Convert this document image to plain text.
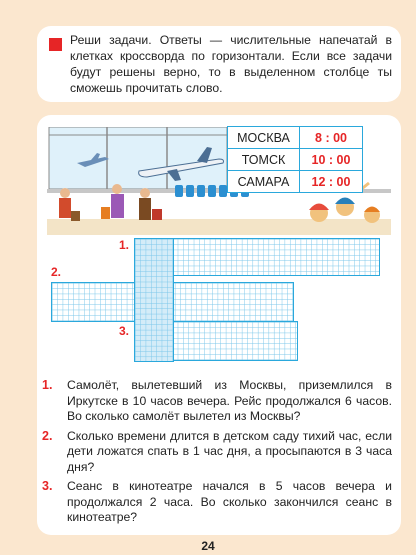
Реши задачи. Ответы — числительные напечатай в клетках кроссворда по горизонтали. Если все задачи будут решены верно, то в выделенном столбце ты сможешь прочитать слово.
МОСКВА	8 : 00
ТОМСК	10 : 00
САМАРА	12 : 00
1.
2.
3.
1. Самолёт, вылетевший из Москвы, приземлился в Иркутске в 10 часов вечера. Рейс продолжался 6 часов. Во сколько самолёт вылетел из Москвы?
2. Сколько времени длится в детском саду тихий час, если дети ложатся спать в 1 час дня, а просыпаются в 3 часа дня?
3. Сеанс в кинотеатре начался в 5 часов вечера и продолжался 2 часа. Во сколько закончился сеанс в кинотеатре?
24
